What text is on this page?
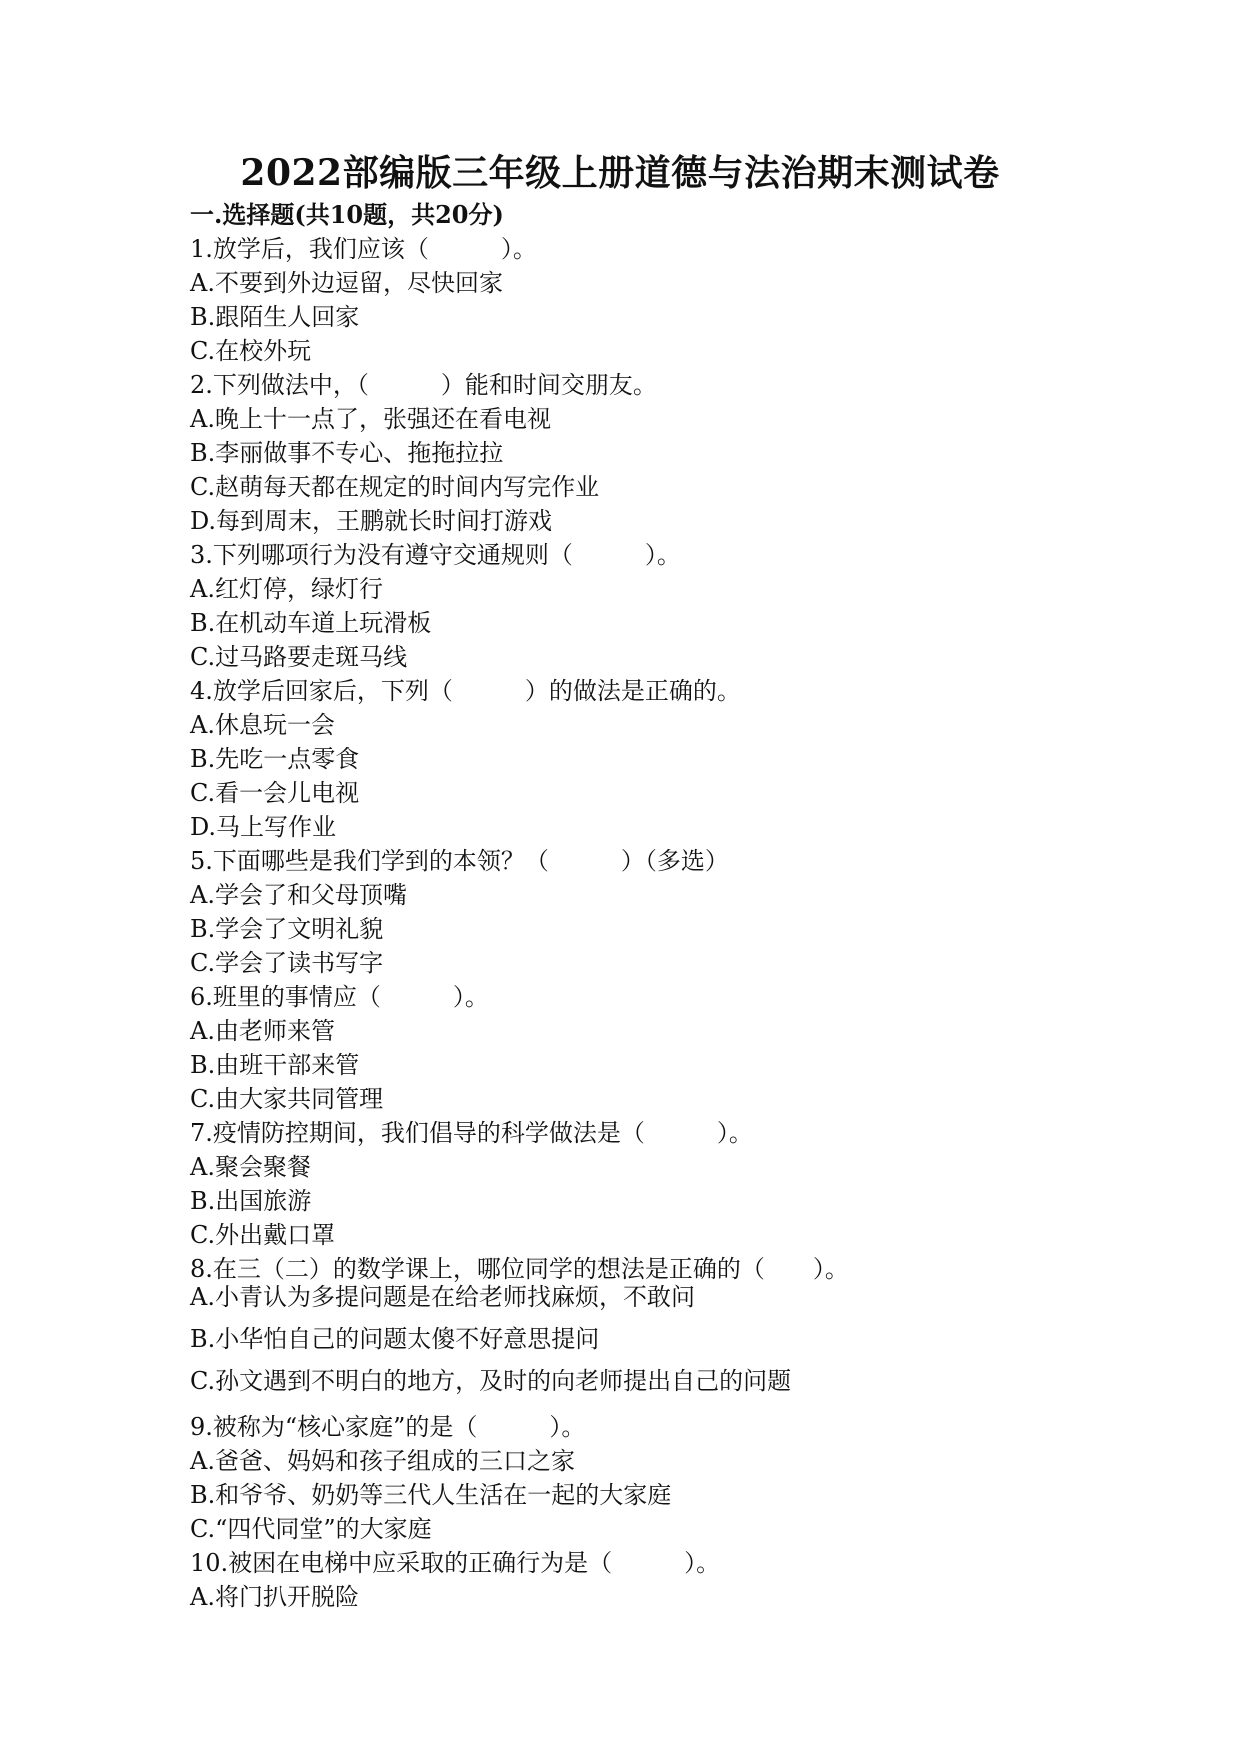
2022部编版三年级上册道德与法治期末测试卷
一.选择题(共10题，共20分)
1.放学后，我们应该（　　　）。
A.不要到外边逗留，尽快回家
B.跟陌生人回家
C.在校外玩
2.下列做法中，（　　　）能和时间交朋友。
A.晚上十一点了，张强还在看电视
B.李丽做事不专心、拖拖拉拉
C.赵萌每天都在规定的时间内写完作业
D.每到周末，王鹏就长时间打游戏
3.下列哪项行为没有遵守交通规则（　　　）。
A.红灯停，绿灯行
B.在机动车道上玩滑板
C.过马路要走斑马线
4.放学后回家后，下列（　　　）的做法是正确的。
A.休息玩一会
B.先吃一点零食
C.看一会儿电视
D.马上写作业
5.下面哪些是我们学到的本领？（　　　）（多选）
A.学会了和父母顶嘴
B.学会了文明礼貌
C.学会了读书写字
6.班里的事情应（　　　）。
A.由老师来管
B.由班干部来管
C.由大家共同管理
7.疫情防控期间，我们倡导的科学做法是（　　　）。
A.聚会聚餐
B.出国旅游
C.外出戴口罩
8.在三（二）的数学课上，哪位同学的想法是正确的（　　）。
A.小青认为多提问题是在给老师找麻烦，不敢问
B.小华怕自己的问题太傻不好意思提问
C.孙文遇到不明白的地方，及时的向老师提出自己的问题
9.被称为“核心家庭”的是（　　　）。
A.爸爸、妈妈和孩子组成的三口之家
B.和爷爷、奶奶等三代人生活在一起的大家庭
C.“四代同堂”的大家庭
10.被困在电梯中应采取的正确行为是（　　　）。
A.将门扒开脱险
